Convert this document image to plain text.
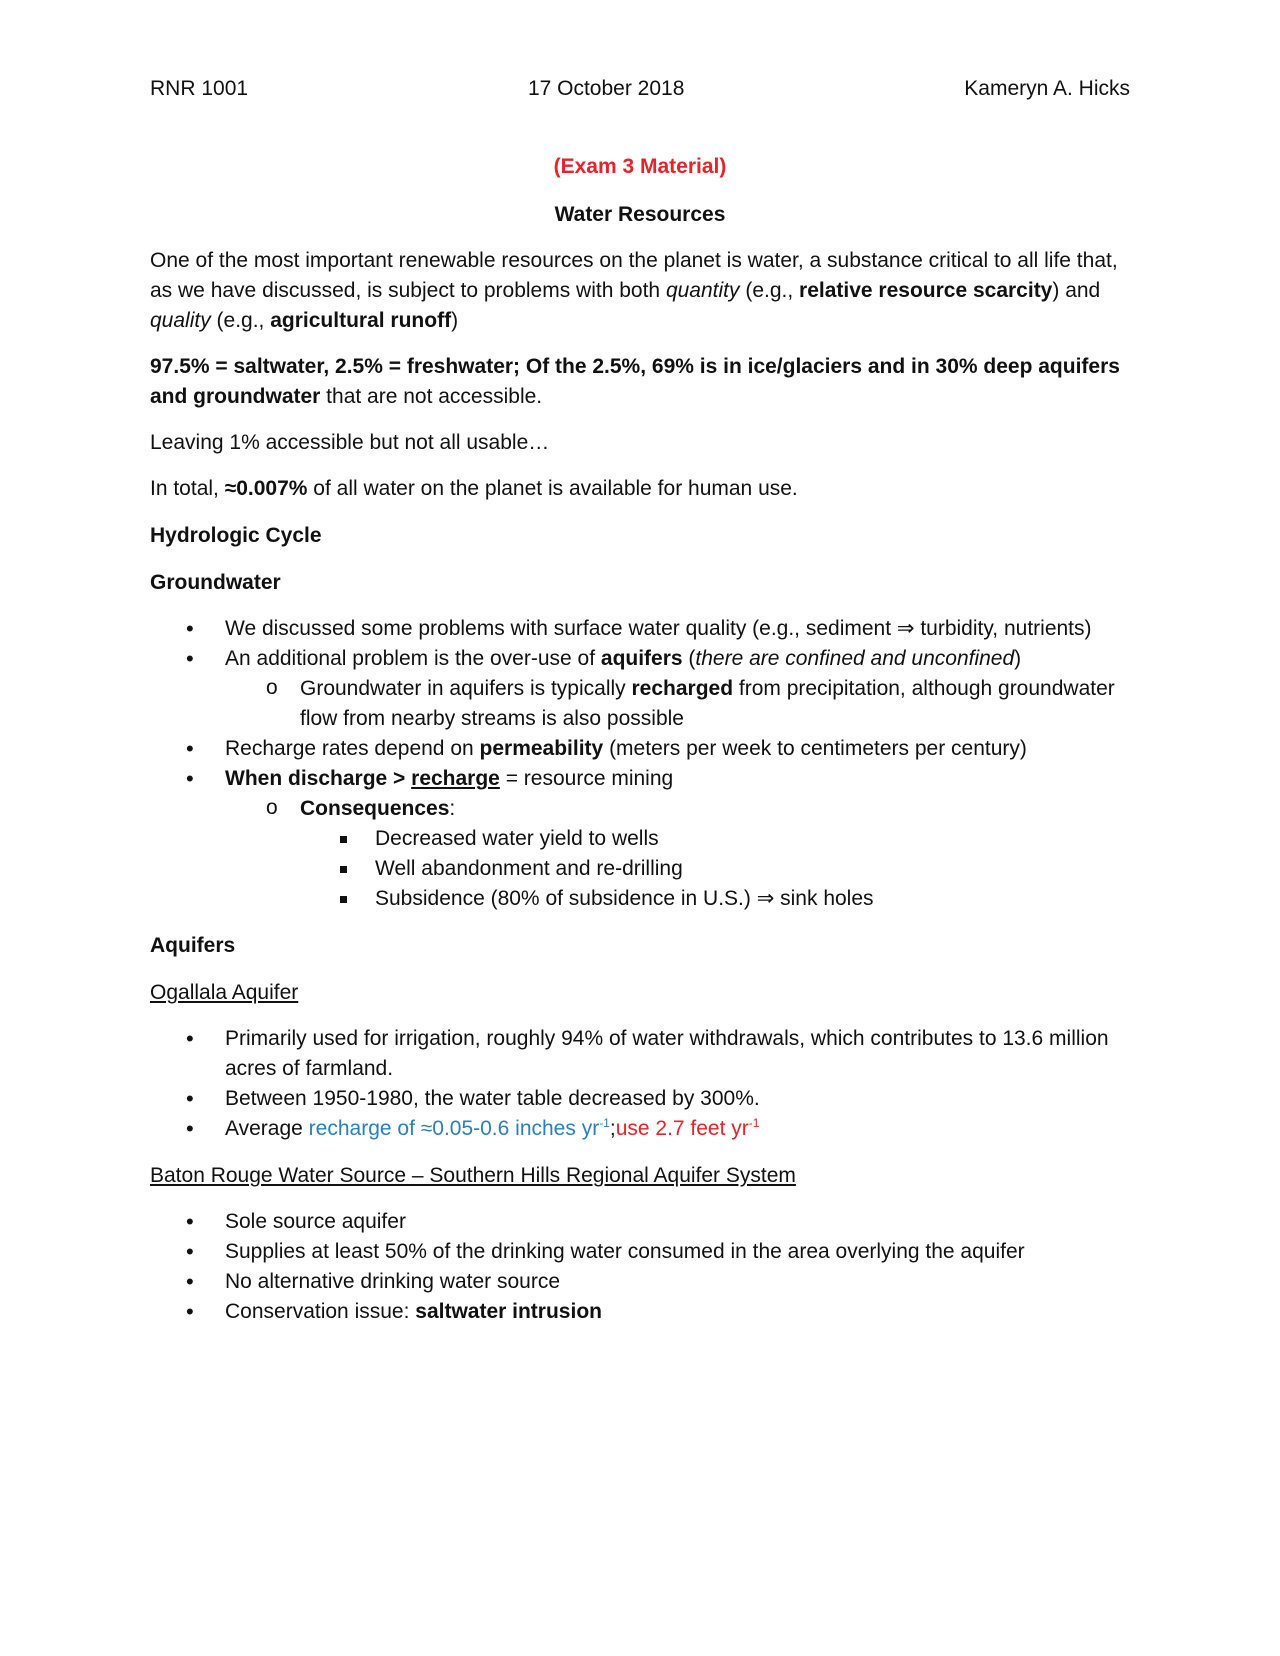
RNR 1001	17 October 2018	Kameryn A. Hicks
(Exam 3 Material)
Water Resources

One of the most important renewable resources on the planet is water, a substance critical to all life that, as we have discussed, is subject to problems with both quantity (e.g., relative resource scarcity) and quality (e.g., agricultural runoff)

97.5% = saltwater, 2.5% = freshwater; Of the 2.5%, 69% is in ice/glaciers and in 30% deep aquifers and groundwater that are not accessible.

Leaving 1% accessible but not all usable…

In total, ≈0.007% of all water on the planet is available for human use.

Hydrologic Cycle

Groundwater

• We discussed some problems with surface water quality (e.g., sediment ⇒ turbidity, nutrients)
• An additional problem is the over-use of aquifers (there are confined and unconfined)
o Groundwater in aquifers is typically recharged from precipitation, although groundwater flow from nearby streams is also possible
• Recharge rates depend on permeability (meters per week to centimeters per century)
• When discharge > recharge = resource mining
o Consequences:
Decreased water yield to wells
Well abandonment and re-drilling
Subsidence (80% of subsidence in U.S.) ⇒ sink holes

Aquifers

Ogallala Aquifer

• Primarily used for irrigation, roughly 94% of water withdrawals, which contributes to 13.6 million acres of farmland.
• Between 1950-1980, the water table decreased by 300%.
• Average recharge of ≈0.05-0.6 inches $yr^{-1};use$ 2.7 feet $yr^{-1}$

Baton Rouge Water Source – Southern Hills Regional Aquifer System

• Sole source aquifer
• Supplies at least 50% of the drinking water consumed in the area overlying the aquifer
• No alternative drinking water source
• Conservation issue: saltwater intrusion
